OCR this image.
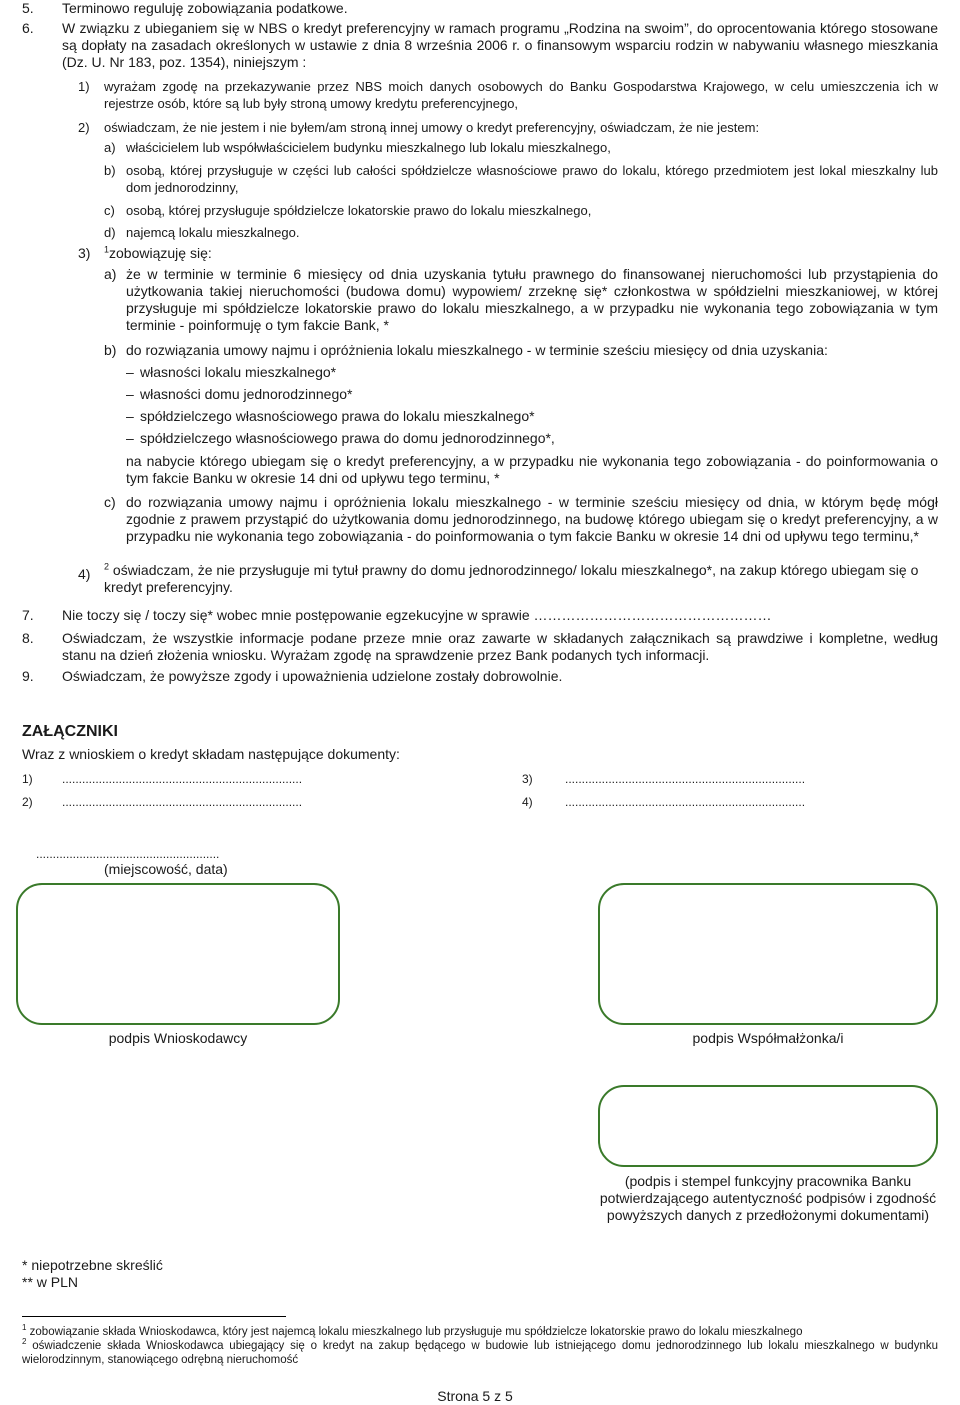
5. Terminowo reguluję zobowiązania podatkowe.
6. W związku z ubieganiem się w NBS o kredyt preferencyjny w ramach programu „Rodzina na swoim”, do oprocentowania którego stosowane są dopłaty na zasadach określonych w ustawie z dnia 8 września 2006 r. o finansowym wsparciu rodzin w nabywaniu własnego mieszkania (Dz. U. Nr 183, poz. 1354), niniejszym :
1) wyrażam zgodę na przekazywanie przez NBS moich danych osobowych do Banku Gospodarstwa Krajowego, w celu umieszczenia ich w rejestrze osób, które są lub były stroną umowy kredytu preferencyjnego,
2) oświadczam, że nie jestem i nie byłem/am stroną innej umowy o kredyt preferencyjny, oświadczam, że nie jestem:
a) właścicielem lub współwłaścicielem budynku mieszkalnego lub lokalu mieszkalnego,
b) osobą, której przysługuje w części lub całości spółdzielcze własnościowe prawo do lokalu, którego przedmiotem jest lokal mieszkalny lub dom jednorodzinny,
c) osobą, której przysługuje spółdzielcze lokatorskie prawo do lokalu mieszkalnego,
d) najemcą lokalu mieszkalnego.
3) $^1$zobowiązuję się:
a) że w terminie w terminie 6 miesięcy od dnia uzyskania tytułu prawnego do finansowanej nieruchomości lub przystąpienia do użytkowania takiej nieruchomości (budowa domu) wypowiem/ zrzeknę się* członkostwa w spółdzielni mieszkaniowej, w której przysługuje mi spółdzielcze lokatorskie prawo do lokalu mieszkalnego, a w przypadku nie wykonania tego zobowiązania w tym terminie - poinformuję o tym fakcie Bank, *
b) do rozwiązania umowy najmu i opróżnienia lokalu mieszkalnego - w terminie sześciu miesięcy od dnia uzyskania:
– własności lokalu mieszkalnego*
– własności domu jednorodzinnego*
– spółdzielczego własnościowego prawa do lokalu mieszkalnego*
– spółdzielczego własnościowego prawa do domu jednorodzinnego*,
na nabycie którego ubiegam się o kredyt preferencyjny, a w przypadku nie wykonania tego zobowiązania - do poinformowania o tym fakcie Banku w okresie 14 dni od upływu tego terminu, *
c) do rozwiązania umowy najmu i opróżnienia lokalu mieszkalnego - w terminie sześciu miesięcy od dnia, w którym będę mógł zgodnie z prawem przystąpić do użytkowania domu jednorodzinnego, na budowę którego ubiegam się o kredyt preferencyjny, a w przypadku nie wykonania tego zobowiązania - do poinformowania o tym fakcie Banku w okresie 14 dni od upływu tego terminu,*
4) $^2$ oświadczam, że nie przysługuje mi tytuł prawny do domu jednorodzinnego/ lokalu mieszkalnego*, na zakup którego ubiegam się o kredyt preferencyjny.
7. Nie toczy się / toczy się* wobec mnie postępowanie egzekucyjne w sprawie ……………………………………………
8. Oświadczam, że wszystkie informacje podane przeze mnie oraz zawarte w składanych załącznikach są prawdziwe i kompletne, według stanu na dzień złożenia wniosku. Wyrażam zgodę na sprawdzenie przez Bank podanych tych informacji.
9. Oświadczam, że powyższe zgody i upoważnienia udzielone zostały dobrowolnie.
ZAŁĄCZNIKI
Wraz z wnioskiem o kredyt składam następujące dokumenty:
1) ........................................................................	3)	........................................................................
2) ........................................................................	4)	........................................................................
.......................................................
(miejscowość, data)
podpis Wnioskodawcy	podpis Współmałżonka/i
(podpis i stempel funkcyjny pracownika Banku potwierdzającego autentyczność podpisów i zgodność powyższych danych z przedłożonymi dokumentami)
* niepotrzebne skreślić
** w PLN
$^1$ zobowiązanie składa Wnioskodawca, który jest najemcą lokalu mieszkalnego lub przysługuje mu spółdzielcze lokatorskie prawo do lokalu mieszkalnego
$^2$ oświadczenie składa Wnioskodawca ubiegający się o kredyt na zakup będącego w budowie lub istniejącego domu jednorodzinnego lub lokalu mieszkalnego w budynku wielorodzinnym, stanowiącego odrębną nieruchomość
Strona 5 z 5
